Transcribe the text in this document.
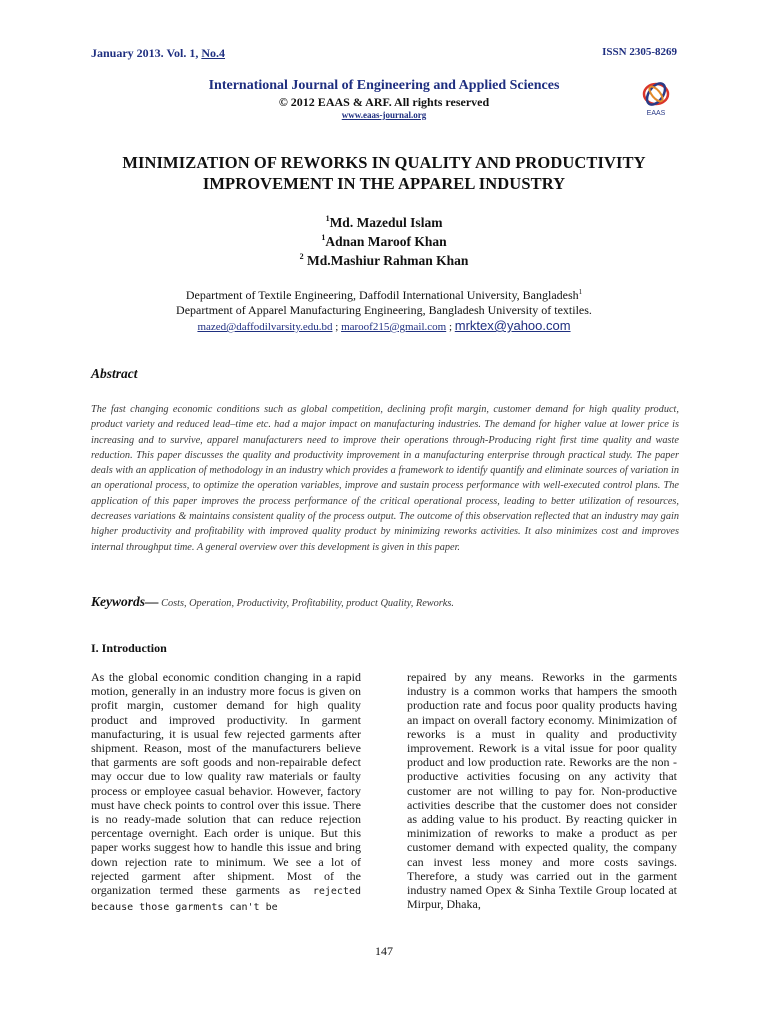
January 2013. Vol. 1, No.4	ISSN 2305-8269
International Journal of Engineering and Applied Sciences
© 2012 EAAS & ARF. All rights reserved
www.eaas-journal.org	EAAS
MINIMIZATION OF REWORKS IN QUALITY AND PRODUCTIVITY
IMPROVEMENT IN THE APPAREL INDUSTRY
$^1$Md. Mazedul Islam
$^1$Adnan Maroof Khan
$^2$ Md.Mashiur Rahman Khan
Department of Textile Engineering, Daffodil International University, Bangladesh$^1$
Department of Apparel Manufacturing Engineering, Bangladesh University of textiles.
mazed@daffodilvarsity.edu.bd ; maroof215@gmail.com ; mrktex@yahoo.com
Abstract
The fast changing economic conditions such as global competition, declining profit margin, customer demand for high quality product, product variety and reduced lead–time etc. had a major impact on manufacturing industries. The demand for higher value at lower price is increasing and to survive, apparel manufacturers need to improve their operations through-Producing right first time quality and waste reduction. This paper discusses the quality and productivity improvement in a manufacturing enterprise through practical study. The paper deals with an application of methodology in an industry which provides a framework to identify quantify and eliminate sources of variation in an operational process, to optimize the operation variables, improve and sustain process performance with well-executed control plans. The application of this paper improves the process performance of the critical operational process, leading to better utilization of resources, decreases variations & maintains consistent quality of the process output. The outcome of this observation reflected that an industry may gain higher productivity and profitability with improved quality product by minimizing reworks activities. It also minimizes cost and improves internal throughput time. A general overview over this development is given in this paper.
Keywords— Costs, Operation, Productivity, Profitability, product Quality, Reworks.
I. Introduction
As the global economic condition changing in a rapid motion, generally in an industry more focus is given on profit margin, customer demand for high quality product and improved productivity. In garment manufacturing, it is usual few rejected garments after shipment. Reason, most of the manufacturers believe that garments are soft goods and non-repairable defect may occur due to low quality raw materials or faulty process or employee casual behavior. However, factory must have check points to control over this issue. There is no ready-made solution that can reduce rejection percentage overnight. Each order is unique. But this paper works suggest how to handle this issue and bring down rejection rate to minimum. We see a lot of rejected garment after shipment. Most of the organization termed these garments as rejected because those garments can't be
repaired by any means. Reworks in the garments industry is a common works that hampers the smooth production rate and focus poor quality products having an impact on overall factory economy. Minimization of reworks is a must in quality and productivity improvement. Rework is a vital issue for poor quality product and low production rate. Reworks are the non -productive activities focusing on any activity that customer are not willing to pay for. Non-productive activities describe that the customer does not consider as adding value to his product. By reacting quicker in minimization of reworks to make a product as per customer demand with expected quality, the company can invest less money and more costs savings. Therefore, a study was carried out in the garment industry named Opex & Sinha Textile Group located at Mirpur, Dhaka,
147
